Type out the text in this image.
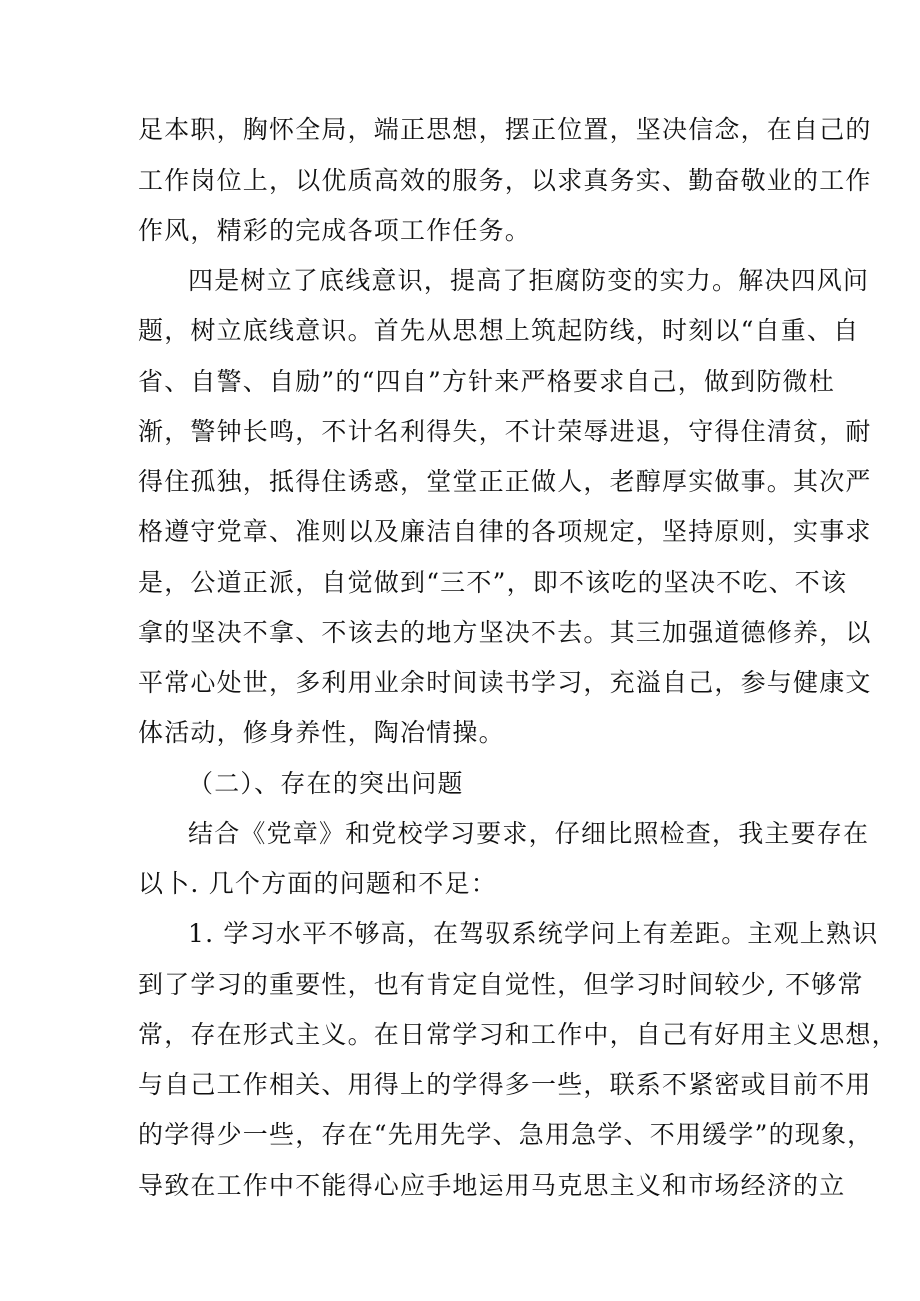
足本职，胸怀全局，端正思想，摆正位置，坚决信念，在自己的
工作岗位上，以优质高效的服务，以求真务实、勤奋敬业的工作
作风，精彩的完成各项工作任务。
四是树立了底线意识，提高了拒腐防变的实力。解决四风问
题，树立底线意识。首先从思想上筑起防线，时刻以“自重、自
省、自警、自励”的“四自”方针来严格要求自己，做到防微杜
渐，警钟长鸣，不计名利得失，不计荣辱进退，守得住清贫，耐
得住孤独，抵得住诱惑，堂堂正正做人，老醇厚实做事。其次严
格遵守党章、准则以及廉洁自律的各项规定，坚持原则，实事求
是，公道正派，自觉做到“三不”，即不该吃的坚决不吃、不该
拿的坚决不拿、不该去的地方坚决不去。其三加强道德修养，以
平常心处世，多利用业余时间读书学习，充溢自己，参与健康文
体活动，修身养性，陶冶情操。
（二）、存在的突出问题
结合《党章》和党校学习要求，仔细比照检查，我主要存在
以卜. 几个方面的问题和不足：
1. 学习水平不够高，在驾驭系统学问上有差距。主观上熟识
到了学习的重要性，也有肯定自觉性，但学习时间较少, 不够常
常，存在形式主义。在日常学习和工作中，自己有好用主义思想，
与自己工作相关、用得上的学得多一些，联系不紧密或目前不用
的学得少一些，存在“先用先学、急用急学、不用缓学”的现象，
导致在工作中不能得心应手地运用马克思主义和市场经济的立
